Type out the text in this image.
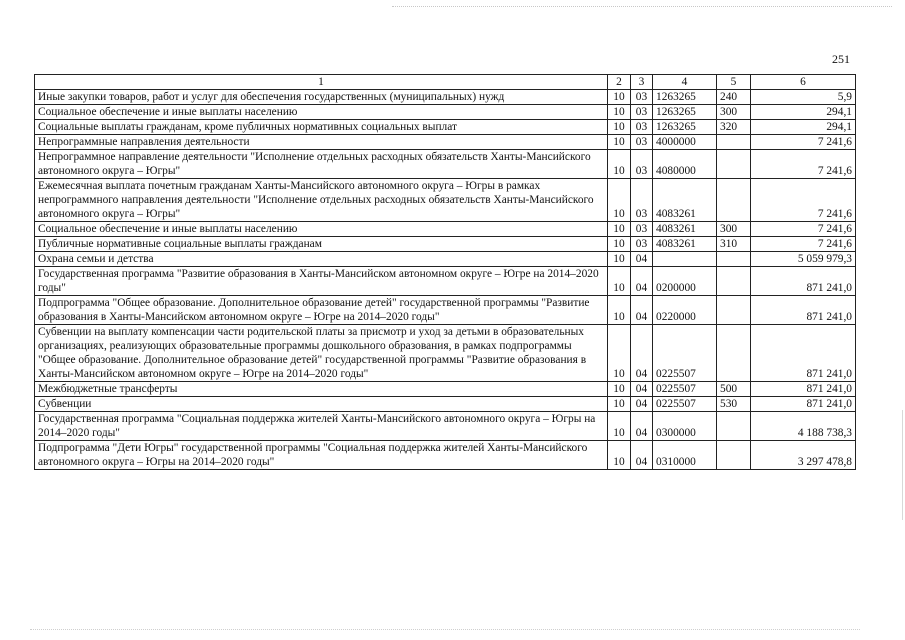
251
1	2	3	4	5	6
Иные закупки товаров, работ и услуг для обеспечения государственных (муниципальных) нужд	10	03	1263265	240	5,9
Социальное обеспечение и иные выплаты населению	10	03	1263265	300	294,1
Социальные выплаты гражданам, кроме публичных нормативных социальных выплат	10	03	1263265	320	294,1
Непрограммные направления деятельности	10	03	4000000		7 241,6
Непрограммное направление деятельности "Исполнение отдельных расходных обязательств Ханты-Мансийского автономного округа – Югры"	10	03	4080000		7 241,6
Ежемесячная выплата почетным гражданам Ханты-Мансийского автономного округа – Югры в рамках непрограммного направления деятельности "Исполнение отдельных расходных обязательств Ханты-Мансийского автономного округа – Югры"	10	03	4083261		7 241,6
Социальное обеспечение и иные выплаты населению	10	03	4083261	300	7 241,6
Публичные нормативные социальные выплаты гражданам	10	03	4083261	310	7 241,6
Охрана семьи и детства	10	04			5 059 979,3
Государственная программа "Развитие образования в Ханты-Мансийском автономном округе – Югре на 2014–2020 годы"	10	04	0200000		871 241,0
Подпрограмма "Общее образование. Дополнительное образование детей" государственной программы "Развитие образования в Ханты-Мансийском автономном округе – Югре на 2014–2020 годы"	10	04	0220000		871 241,0
Субвенции на выплату компенсации части родительской платы за присмотр и уход за детьми в образовательных организациях, реализующих образовательные программы дошкольного образования, в рамках подпрограммы "Общее образование. Дополнительное образование детей" государственной программы "Развитие образования в Ханты-Мансийском автономном округе – Югре на 2014–2020 годы"	10	04	0225507		871 241,0
Межбюджетные трансферты	10	04	0225507	500	871 241,0
Субвенции	10	04	0225507	530	871 241,0
Государственная программа "Социальная поддержка жителей Ханты-Мансийского автономного округа – Югры на 2014–2020 годы"	10	04	0300000		4 188 738,3
Подпрограмма "Дети Югры" государственной программы "Социальная поддержка жителей Ханты-Мансийского автономного округа – Югры на 2014–2020 годы"	10	04	0310000		3 297 478,8
